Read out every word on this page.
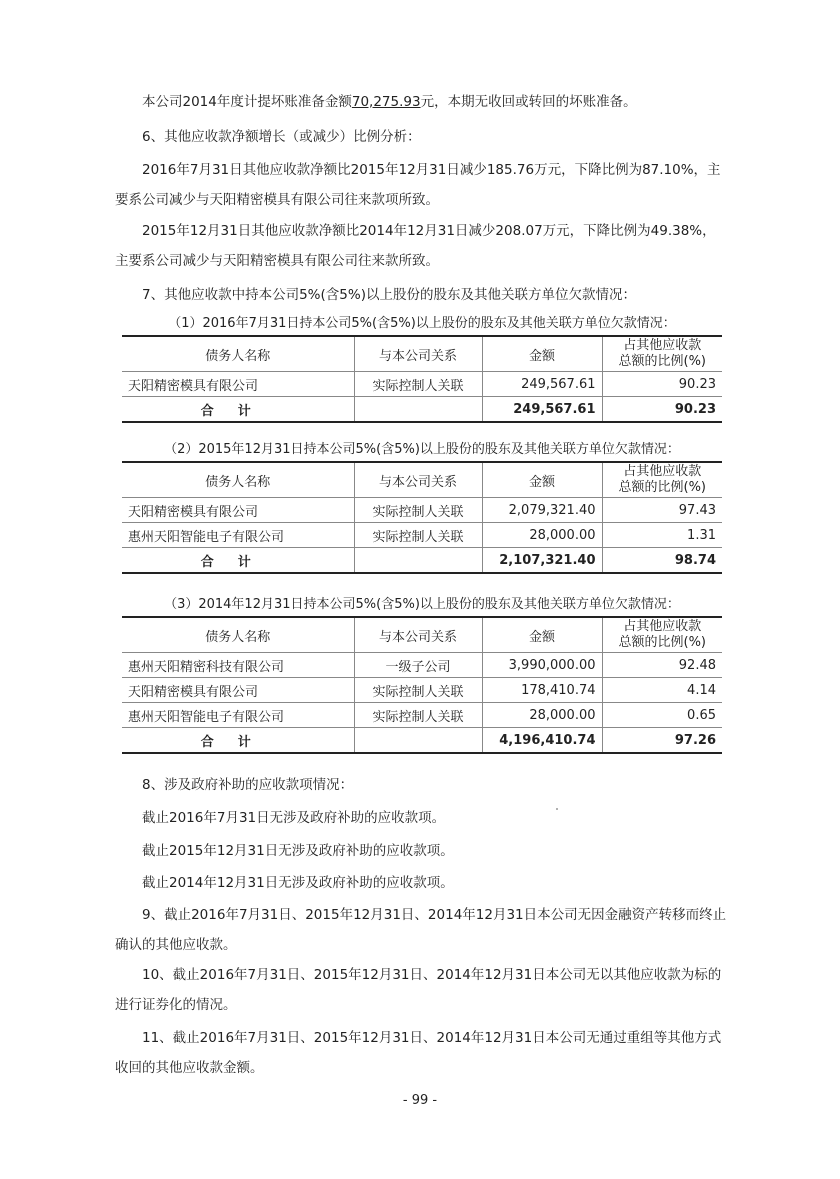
本公司2014年度计提坏账准备金额70,275.93元，本期无收回或转回的坏账准备。

6、其他应收款净额增长（或减少）比例分析：

2016年7月31日其他应收款净额比2015年12月31日减少185.76万元，下降比例为87.10%，主要系公司减少与天阳精密模具有限公司往来款项所致。

2015年12月31日其他应收款净额比2014年12月31日减少208.07万元，下降比例为49.38%，主要系公司减少与天阳精密模具有限公司往来款所致。

7、其他应收款中持本公司5%(含5%)以上股份的股东及其他关联方单位欠款情况：

（1）2016年7月31日持本公司5%(含5%)以上股份的股东及其他关联方单位欠款情况：
债务人名称	与本公司关系	金额	占其他应收款
总额的比例(%)
天阳精密模具有限公司	实际控制人关联	249,567.61	90.23
合计		249,567.61	90.23
（2）2015年12月31日持本公司5%(含5%)以上股份的股东及其他关联方单位欠款情况：
债务人名称	与本公司关系	金额	占其他应收款
总额的比例(%)
天阳精密模具有限公司	实际控制人关联	2,079,321.40	97.43
惠州天阳智能电子有限公司	实际控制人关联	28,000.00	1.31
合计		2,107,321.40	98.74
（3）2014年12月31日持本公司5%(含5%)以上股份的股东及其他关联方单位欠款情况：
债务人名称	与本公司关系	金额	占其他应收款
总额的比例(%)
惠州天阳精密科技有限公司	一级子公司	3,990,000.00	92.48
天阳精密模具有限公司	实际控制人关联	178,410.74	4.14
惠州天阳智能电子有限公司	实际控制人关联	28,000.00	0.65
合计		4,196,410.74	97.26

8、涉及政府补助的应收款项情况：

截止2016年7月31日无涉及政府补助的应收款项。

截止2015年12月31日无涉及政府补助的应收款项。

截止2014年12月31日无涉及政府补助的应收款项。

9、截止2016年7月31日、2015年12月31日、2014年12月31日本公司无因金融资产转移而终止确认的其他应收款。

10、截止2016年7月31日、2015年12月31日、2014年12月31日本公司无以其他应收款为标的进行证券化的情况。

11、截止2016年7月31日、2015年12月31日、2014年12月31日本公司无通过重组等其他方式收回的其他应收款金额。

- 99 -
